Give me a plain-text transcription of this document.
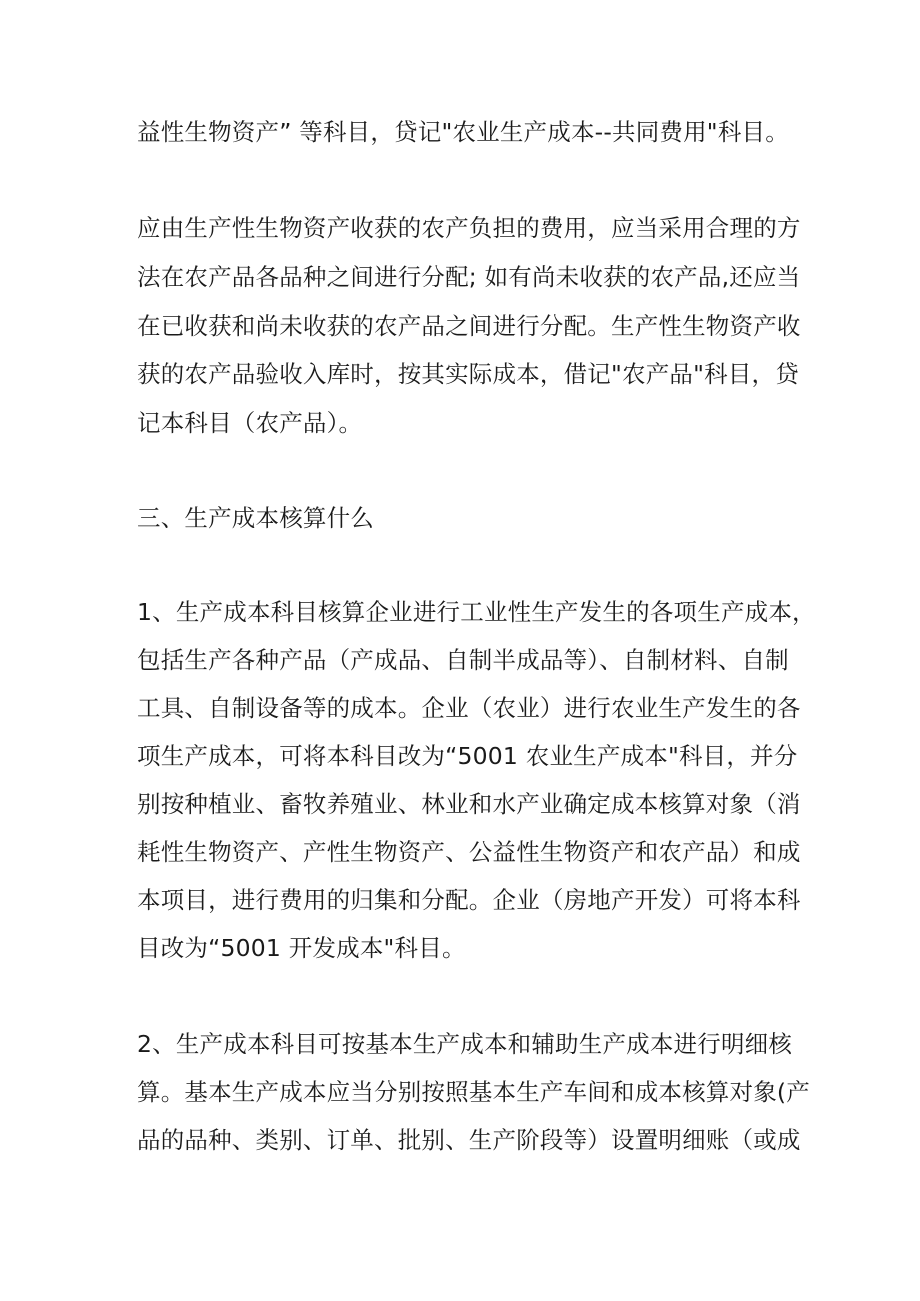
益性生物资产” 等科目，贷记"农业生产成本--共同费用"科目。

应由生产性生物资产收获的农产负担的费用，应当采用合理的方

法在农产品各品种之间进行分配; 如有尚未收获的农产品,还应当

在已收获和尚未收获的农产品之间进行分配。生产性生物资产收

获的农产品验收入库时，按其实际成本，借记"农产品"科目，贷

记本科目（农产品）。

三、生产成本核算什么

1、生产成本科目核算企业进行工业性生产发生的各项生产成本，

包括生产各种产品（产成品、自制半成品等）、自制材料、自制

工具、自制设备等的成本。企业（农业）进行农业生产发生的各

项生产成本，可将本科目改为“5001 农业生产成本"科目，并分

别按种植业、畜牧养殖业、林业和水产业确定成本核算对象（消

耗性生物资产、产性生物资产、公益性生物资产和农产品）和成

本项目，进行费用的归集和分配。企业（房地产开发）可将本科

目改为“5001 开发成本"科目。

2、生产成本科目可按基本生产成本和辅助生产成本进行明细核

算。基本生产成本应当分别按照基本生产车间和成本核算对象(产

品的品种、类别、订单、批别、生产阶段等）设置明细账（或成
